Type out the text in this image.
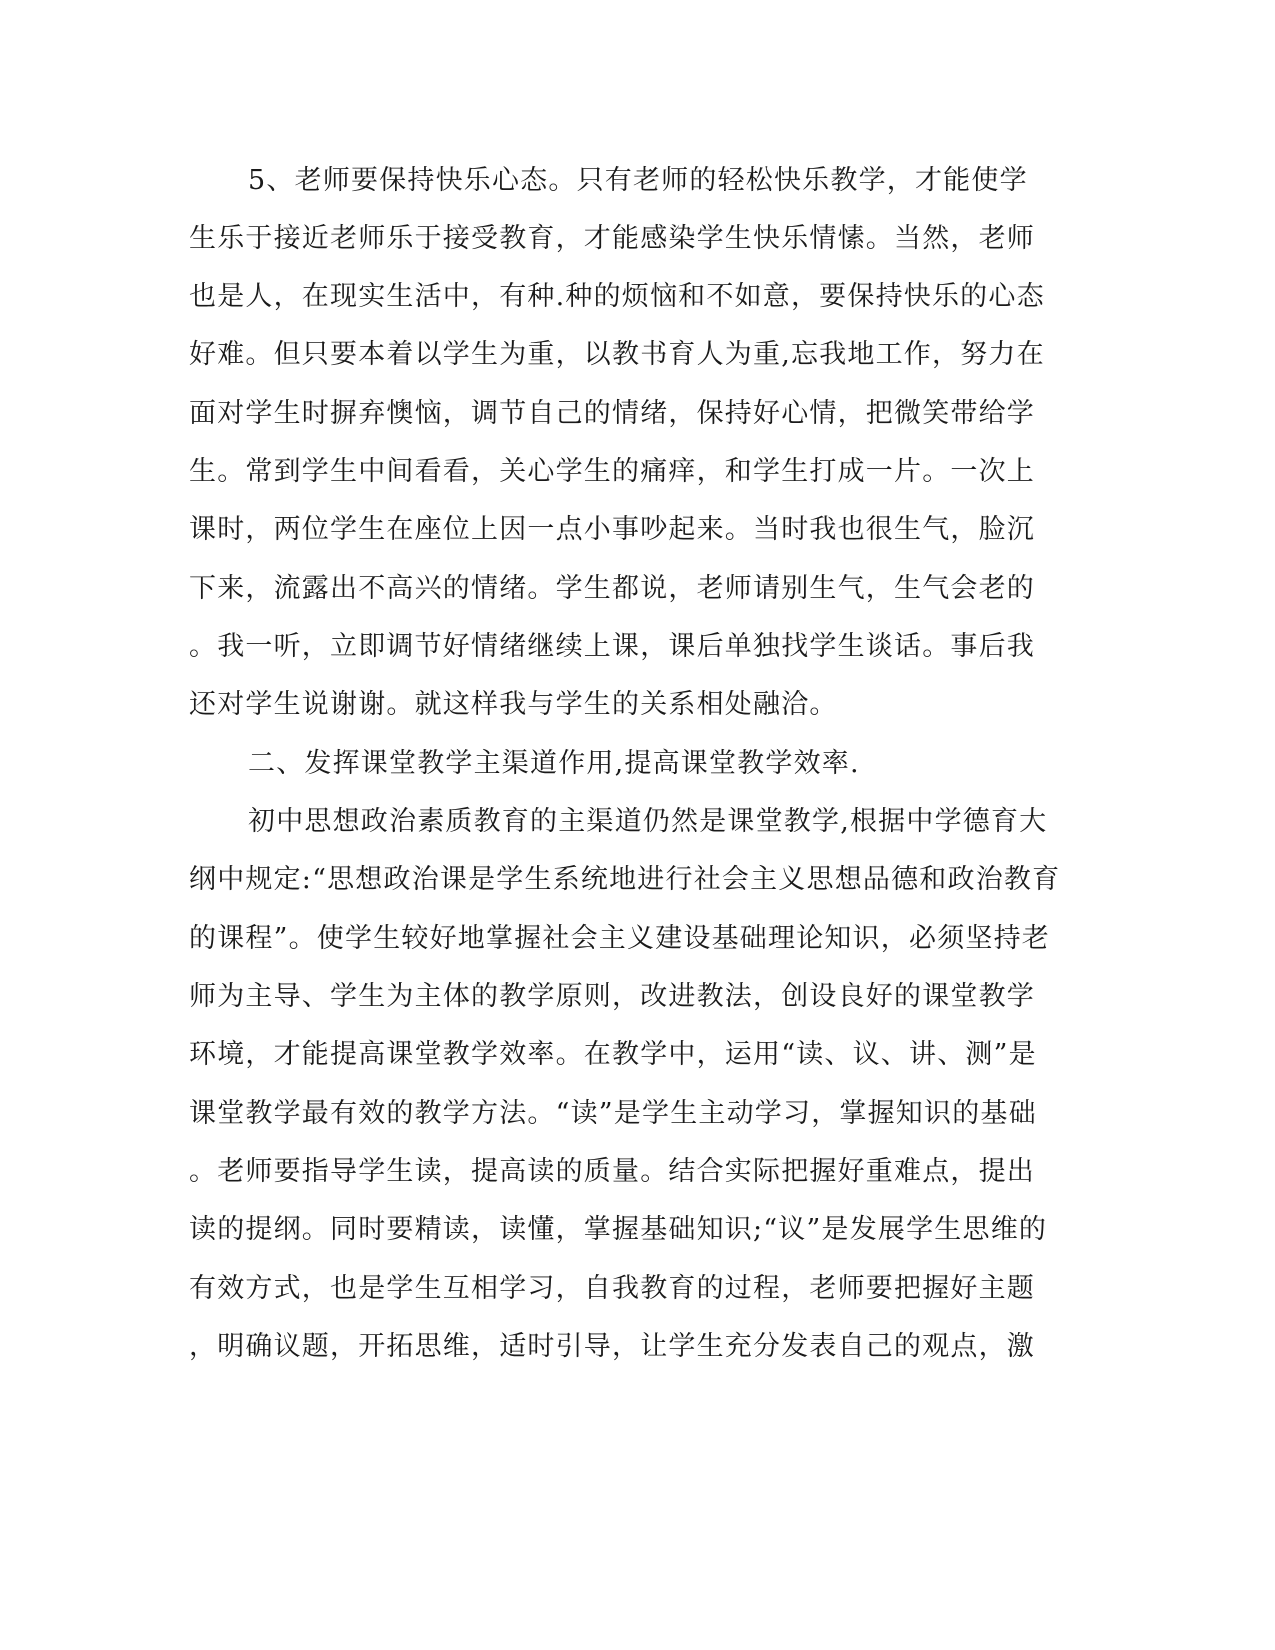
5、老师要保持快乐心态。只有老师的轻松快乐教学，才能使学

生乐于接近老师乐于接受教育，才能感染学生快乐情愫。当然，老师

也是人，在现实生活中，有种.种的烦恼和不如意，要保持快乐的心态

好难。但只要本着以学生为重，以教书育人为重,忘我地工作，努力在

面对学生时摒弃懊恼，调节自己的情绪，保持好心情，把微笑带给学

生。常到学生中间看看，关心学生的痛痒，和学生打成一片。一次上

课时，两位学生在座位上因一点小事吵起来。当时我也很生气，脸沉

下来，流露出不高兴的情绪。学生都说，老师请别生气，生气会老的

。我一听，立即调节好情绪继续上课，课后单独找学生谈话。事后我

还对学生说谢谢。就这样我与学生的关系相处融洽。

二、发挥课堂教学主渠道作用,提高课堂教学效率.

初中思想政治素质教育的主渠道仍然是课堂教学,根据中学德育大

纲中规定:“思想政治课是学生系统地进行社会主义思想品德和政治教育

的课程”。使学生较好地掌握社会主义建设基础理论知识，必须坚持老

师为主导、学生为主体的教学原则，改进教法，创设良好的课堂教学

环境，才能提高课堂教学效率。在教学中，运用“读、议、讲、测”是

课堂教学最有效的教学方法。“读”是学生主动学习，掌握知识的基础

。老师要指导学生读，提高读的质量。结合实际把握好重难点，提出

读的提纲。同时要精读，读懂，掌握基础知识;“议”是发展学生思维的

有效方式，也是学生互相学习，自我教育的过程，老师要把握好主题

，明确议题，开拓思维，适时引导，让学生充分发表自己的观点，激
